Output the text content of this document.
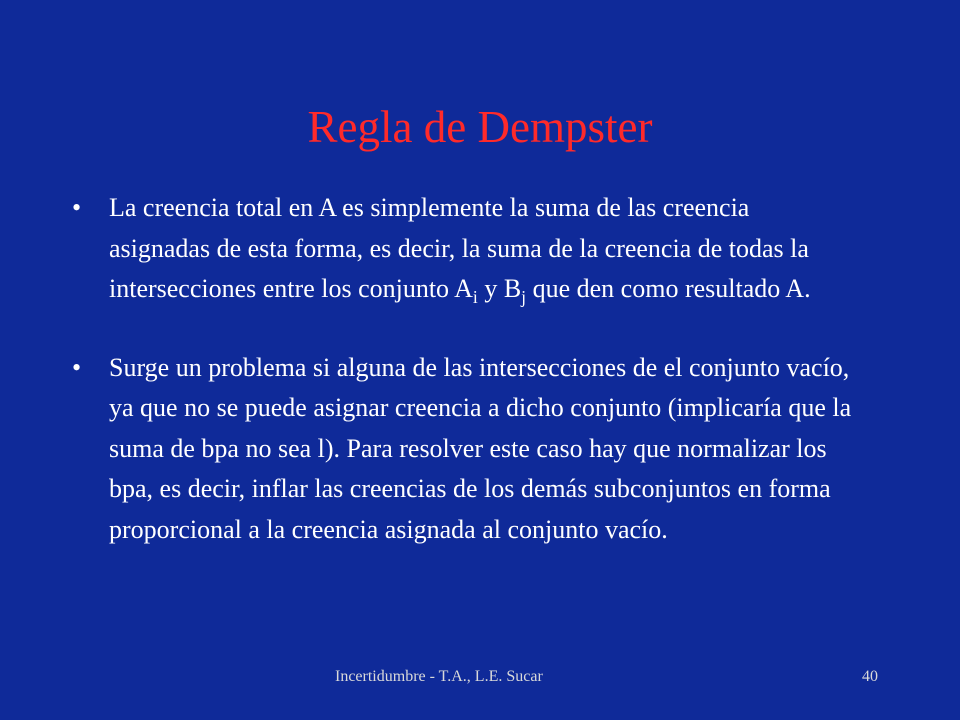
Regla de Dempster
• La creencia total en A es simplemente la suma de las creencia asignadas de esta forma, es decir, la suma de la creencia de todas la intersecciones entre los conjunto $A_i$ y $B_j$ que den como resultado A.
• Surge un problema si alguna de las intersecciones de el conjunto vacío, ya que no se puede asignar creencia a dicho conjunto (implicaría que la suma de bpa no sea l). Para resolver este caso hay que normalizar los bpa, es decir, inflar las creencias de los demás subconjuntos en forma proporcional a la creencia asignada al conjunto vacío.
Incertidumbre - T.A., L.E. Sucar	40
